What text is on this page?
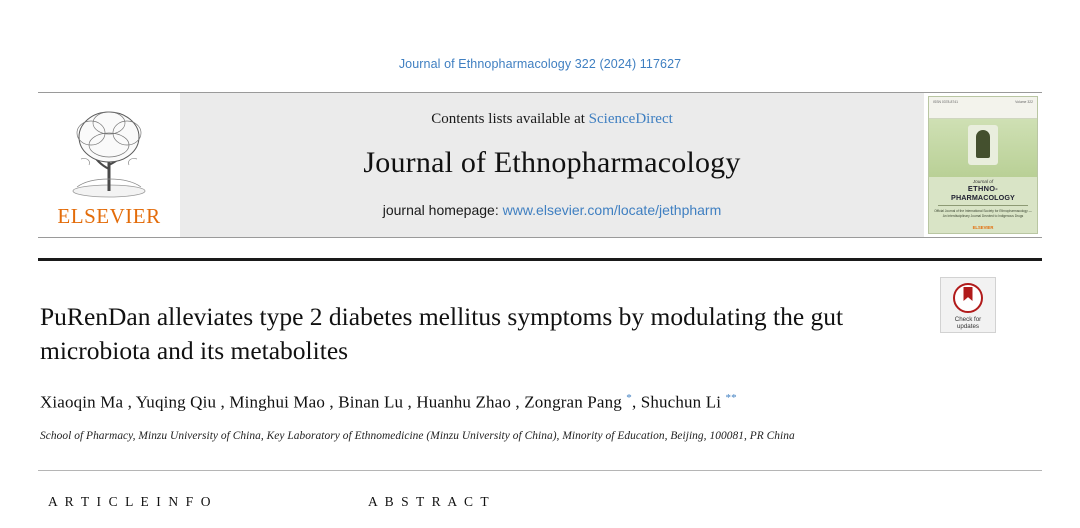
Journal of Ethnopharmacology 322 (2024) 117627
ELSEVIER
Contents lists available at ScienceDirect
Journal of Ethnopharmacology
journal homepage: www.elsevier.com/locate/jethpharm
ISSN 0378-8741	Volume 322
Journal of
ETHNO-
PHARMACOLOGY
Official Journal of the International Society for Ethnopharmacology — An Interdisciplinary Journal Devoted to Indigenous Drugs
ELSEVIER
Check for
updates
PuRenDan alleviates type 2 diabetes mellitus symptoms by modulating the gut microbiota and its metabolites
Xiaoqin Ma , Yuqing Qiu , Minghui Mao , Binan Lu , Huanhu Zhao , Zongran Pang *, Shuchun Li **
School of Pharmacy, Minzu University of China, Key Laboratory of Ethnomedicine (Minzu University of China), Minority of Education, Beijing, 100081, PR China
A R T I C L E I N F O	A B S T R A C T
